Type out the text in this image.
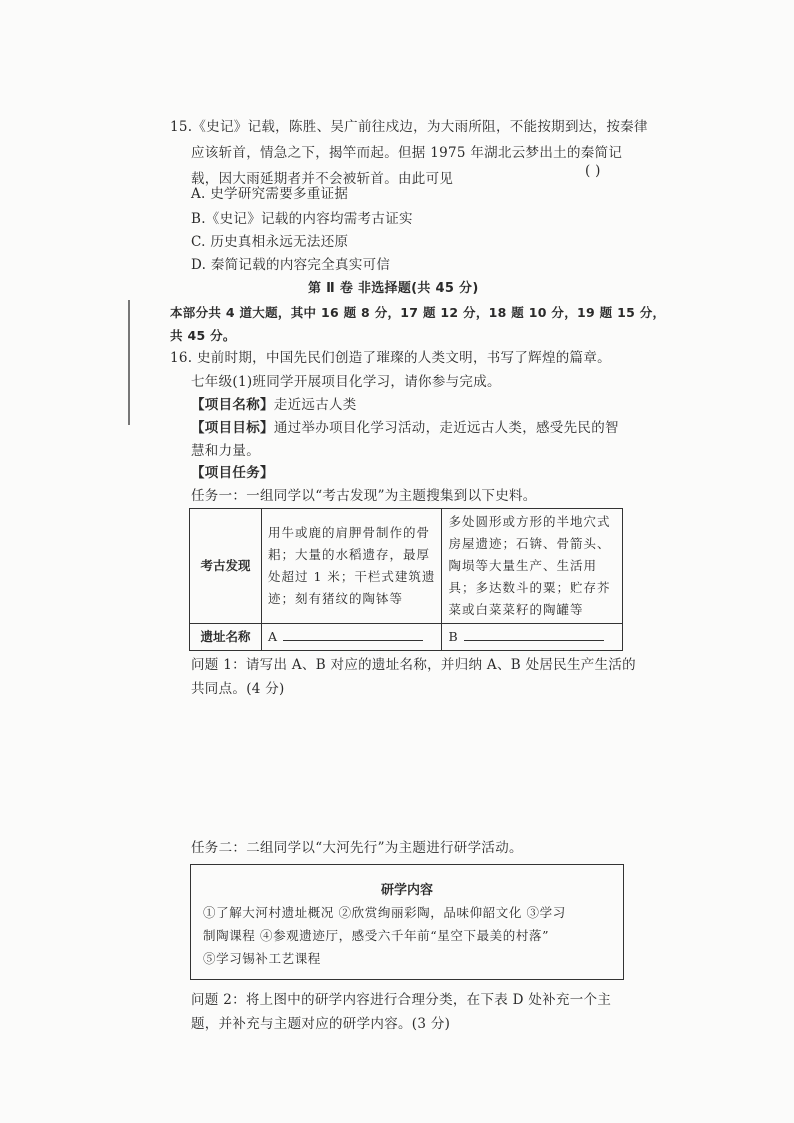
15.《史记》记载，陈胜、吴广前往戍边，为大雨所阻，不能按期到达，按秦律
应该斩首，情急之下，揭竿而起。但据 1975 年湖北云梦出土的秦简记
载，因大雨延期者并不会被斩首。由此可见	( )
A. 史学研究需要多重证据
B.《史记》记载的内容均需考古证实
C. 历史真相永远无法还原
D. 秦简记载的内容完全真实可信
第 Ⅱ 卷 非选择题(共 45 分)
本部分共 4 道大题，其中 16 题 8 分，17 题 12 分，18 题 10 分，19 题 15 分，
共 45 分。
16. 史前时期，中国先民们创造了璀璨的人类文明，书写了辉煌的篇章。
七年级(1)班同学开展项目化学习，请你参与完成。
【项目名称】走近远古人类
【项目目标】通过举办项目化学习活动，走近远古人类，感受先民的智
慧和力量。
【项目任务】
任务一：一组同学以“考古发现”为主题搜集到以下史料。
考古发现	用牛或鹿的肩胛骨制作的骨耜；大量的水稻遗存，最厚处超过 1 米；干栏式建筑遗迹；刻有猪纹的陶钵等	多处圆形或方形的半地穴式房屋遗迹；石锛、骨箭头、陶埙等大量生产、生活用具；多达数斗的粟；贮存芥菜或白菜菜籽的陶罐等
遗址名称	A	B
问题 1：请写出 A、B 对应的遗址名称，并归纳 A、B 处居民生产生活的
共同点。(4 分)
任务二：二组同学以“大河先行”为主题进行研学活动。
研学内容
①了解大河村遗址概况 ②欣赏绚丽彩陶，品味仰韶文化 ③学习
制陶课程 ④参观遗迹厅，感受六千年前“星空下最美的村落”
⑤学习锡补工艺课程
问题 2：将上图中的研学内容进行合理分类，在下表 D 处补充一个主
题，并补充与主题对应的研学内容。(3 分)
